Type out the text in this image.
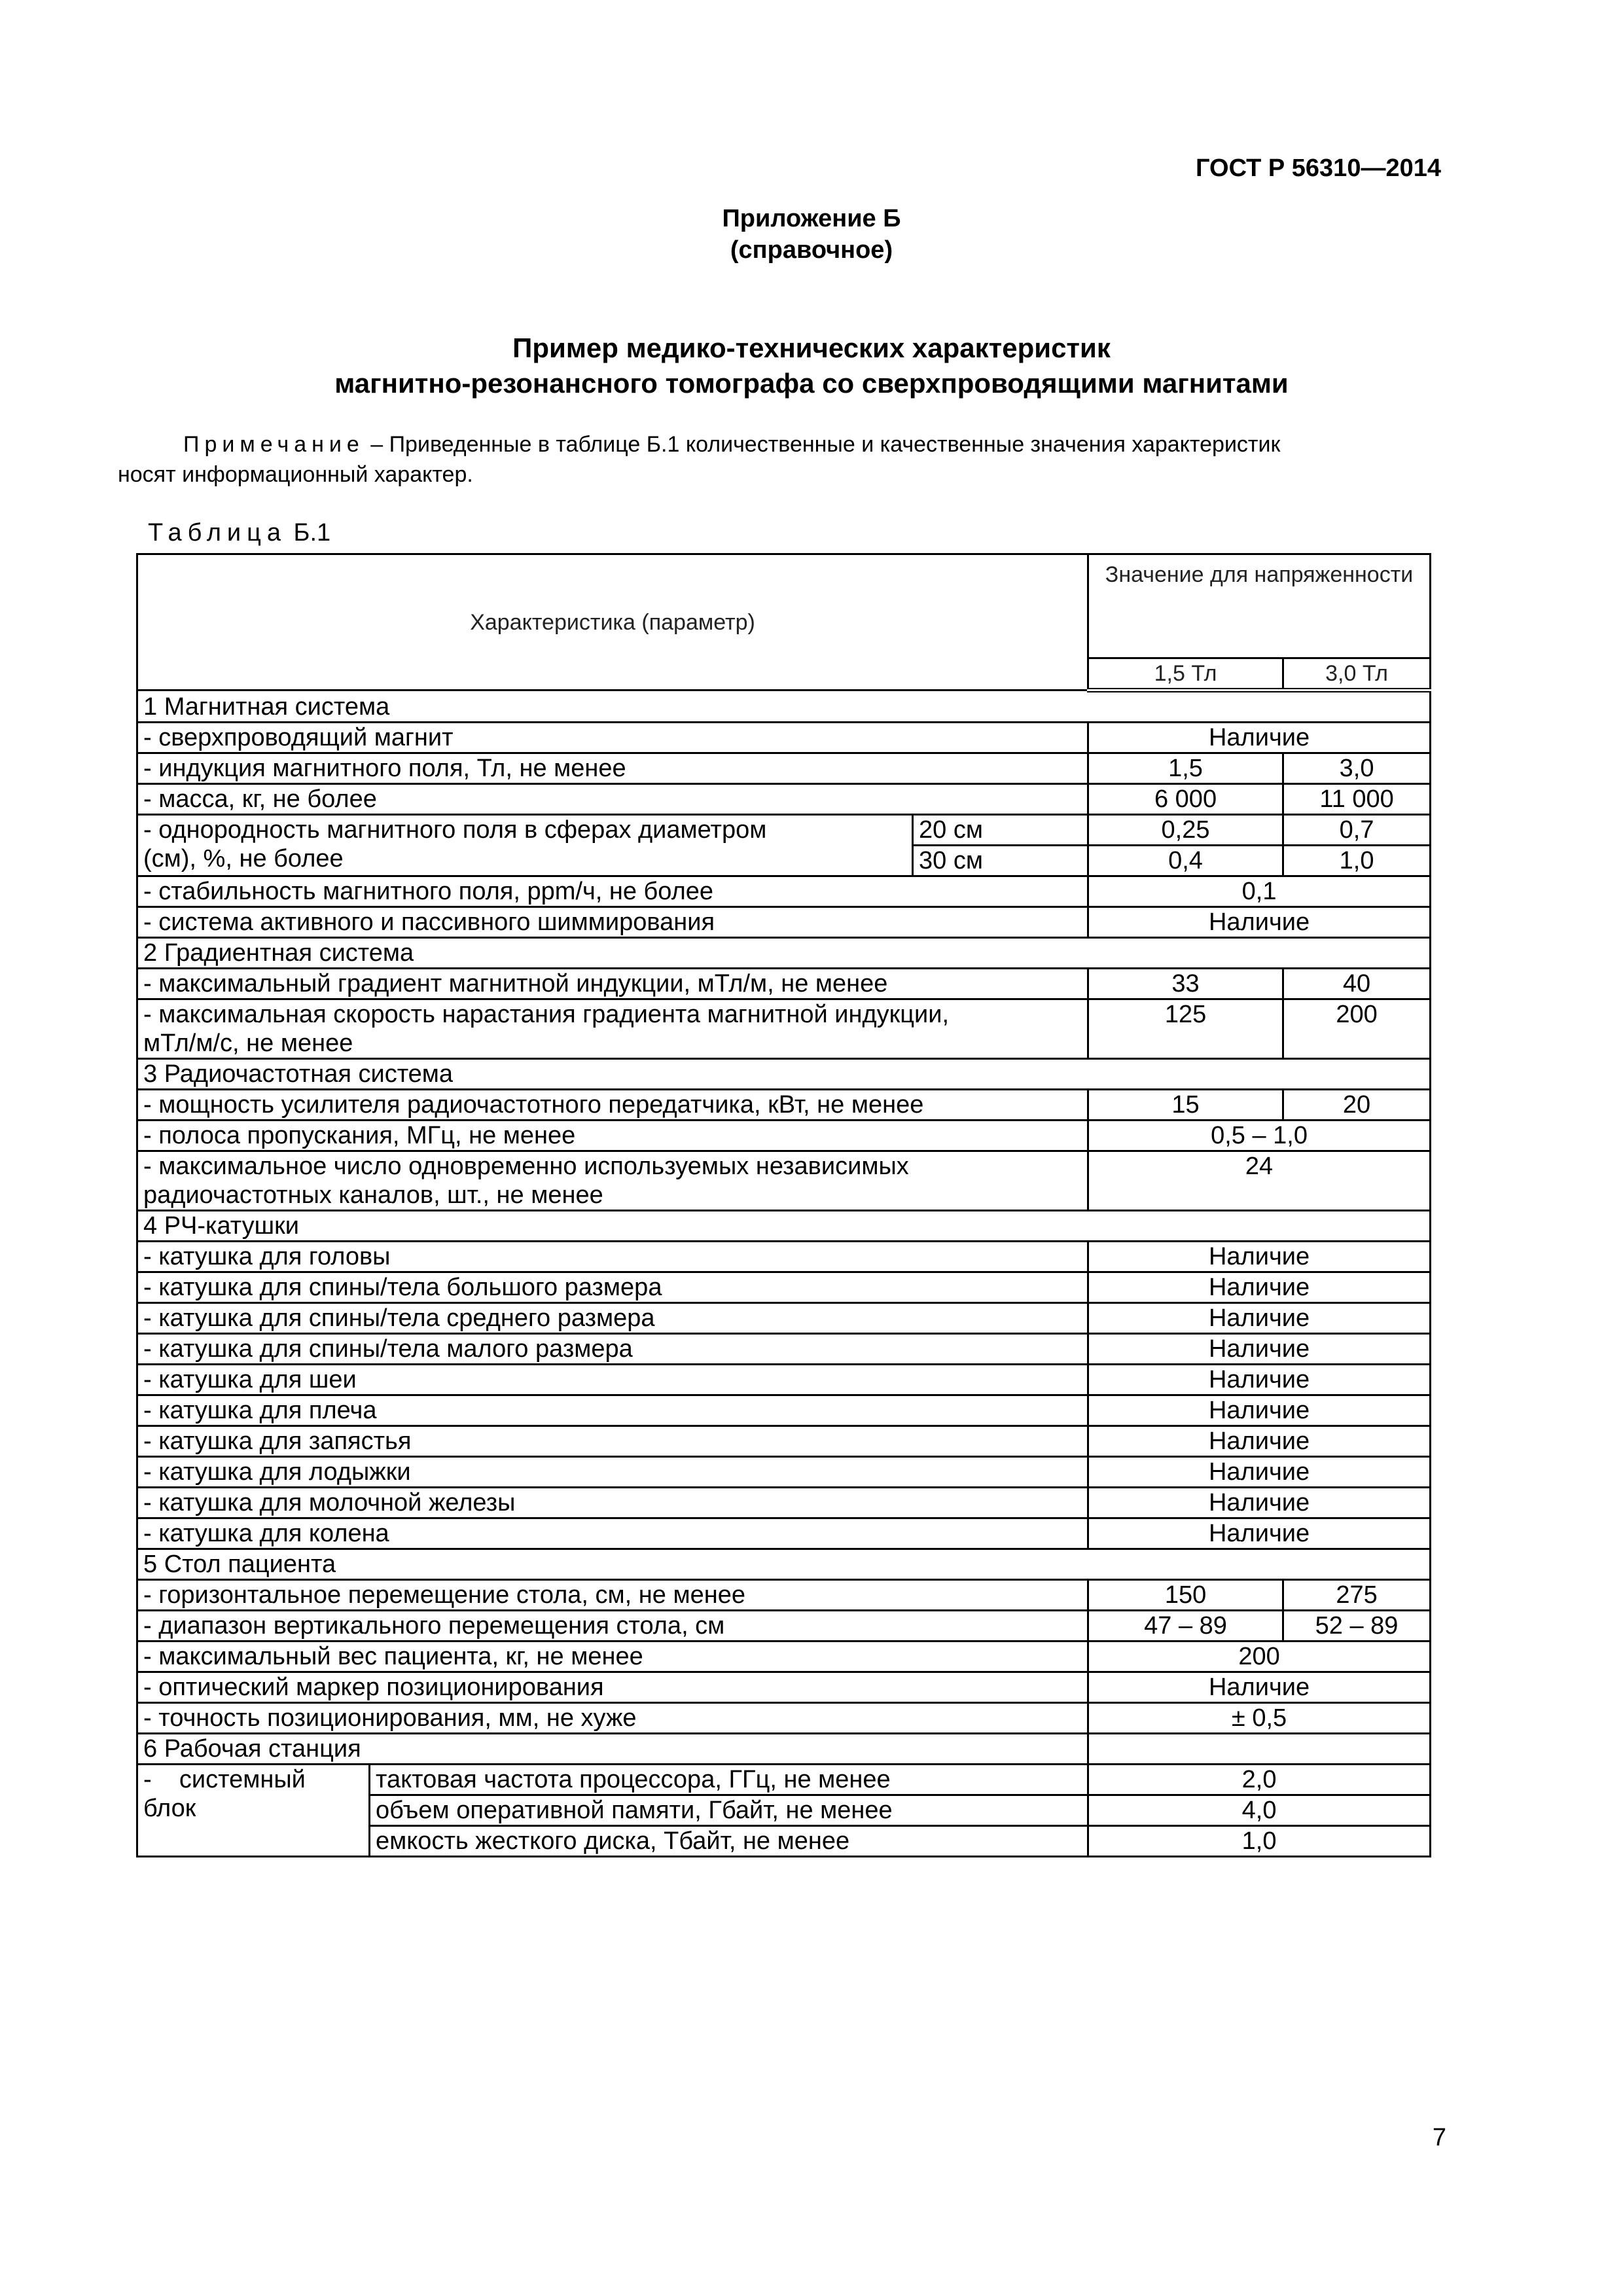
ГОСТ Р 56310—2014
Приложение Б
(справочное)
Пример медико-технических характеристик
магнитно-резонансного томографа со сверхпроводящими магнитами
Примечание – Приведенные в таблице Б.1 количественные и качественные значения характеристик
носят информационный характер.
Таблица Б.1
Характеристика (параметр)			Значение для напряженности	
			1,5 Тл	3,0 Тл
1 Магнитная система				
- сверхпроводящий магнит			Наличие	
- индукция магнитного поля, Тл, не менее			1,5	3,0
- масса, кг, не более			6 000	11 000
- однородность магнитного поля в сферах диаметром
(см), %, не более		20 см	0,25	0,7
		30 см	0,4	1,0
- стабильность магнитного поля, ppm/ч, не более			0,1	
- система активного и пассивного шиммирования			Наличие	
2 Градиентная система				
- максимальный градиент магнитной индукции, мТл/м, не менее			33	40
- максимальная скорость нарастания градиента магнитной индукции,
мТл/м/с, не менее			125	200
3 Радиочастотная система				
- мощность усилителя радиочастотного передатчика, кВт, не менее			15	20
- полоса пропускания, МГц, не менее			0,5 – 1,0	
- максимальное число одновременно используемых независимых
радиочастотных каналов, шт., не менее			24	
4 РЧ-катушки				
- катушка для головы			Наличие	
- катушка для спины/тела большого размера			Наличие	
- катушка для спины/тела среднего размера			Наличие	
- катушка для спины/тела малого размера			Наличие	
- катушка для шеи			Наличие	
- катушка для плеча			Наличие	
- катушка для запястья			Наличие	
- катушка для лодыжки			Наличие	
- катушка для молочной железы			Наличие	
- катушка для колена			Наличие	
5 Стол пациента				
- горизонтальное перемещение стола, см, не менее			150	275
- диапазон вертикального перемещения стола, см			47 – 89	52 – 89
- максимальный вес пациента, кг, не менее			200	
- оптический маркер позиционирования			Наличие	
- точность позиционирования, мм, не хуже			± 0,5	
6 Рабочая станция				
-    системный
блок	тактовая частота процессора, ГГц, не менее		2,0	
	объем оперативной памяти, Гбайт, не менее		4,0	
	емкость жесткого диска, Тбайт, не менее		1,0	
7
